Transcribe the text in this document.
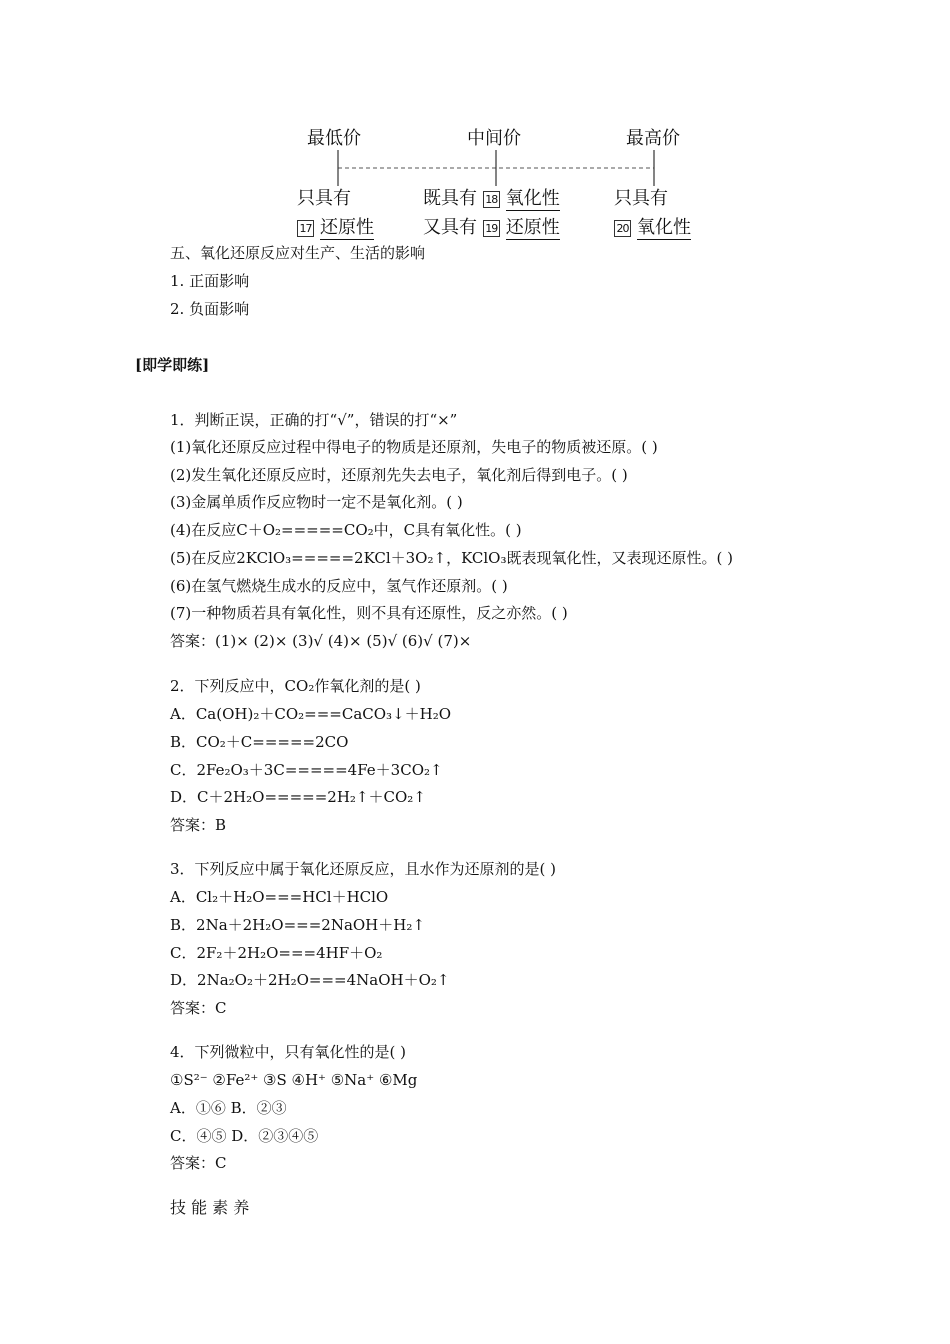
最低价	中间价	最高价
只具有
17 还原性
既具有 18 氧化性
又具有 19 还原性
只具有
20 氧化性
五、氧化还原反应对生产、生活的影响
1. 正面影响
2. 负面影响
[即学即练]
1．判断正误，正确的打“√”，错误的打“×”
(1)氧化还原反应过程中得电子的物质是还原剂，失电子的物质被还原。( )
(2)发生氧化还原反应时，还原剂先失去电子，氧化剂后得到电子。( )
(3)金属单质作反应物时一定不是氧化剂。( )
(4)在反应C＋O₂=====CO₂中，C具有氧化性。( )
(5)在反应2KClO₃=====2KCl＋3O₂↑，KClO₃既表现氧化性，又表现还原性。( )
(6)在氢气燃烧生成水的反应中，氢气作还原剂。( )
(7)一种物质若具有氧化性，则不具有还原性，反之亦然。( )
答案：(1)× (2)× (3)√ (4)× (5)√ (6)√ (7)×
2．下列反应中，CO₂作氧化剂的是( )
A．Ca(OH)₂＋CO₂===CaCO₃↓＋H₂O
B．CO₂＋C=====2CO
C．2Fe₂O₃＋3C=====4Fe＋3CO₂↑
D．C＋2H₂O=====2H₂↑＋CO₂↑
答案：B
3．下列反应中属于氧化还原反应，且水作为还原剂的是( )
A．Cl₂＋H₂O===HCl＋HClO
B．2Na＋2H₂O===2NaOH＋H₂↑
C．2F₂＋2H₂O===4HF＋O₂
D．2Na₂O₂＋2H₂O===4NaOH＋O₂↑
答案：C
4．下列微粒中，只有氧化性的是( )
①S²⁻ ②Fe²⁺ ③S ④H⁺ ⑤Na⁺ ⑥Mg
A．①⑥ B．②③
C．④⑤ D．②③④⑤
答案：C
技 能 素 养
